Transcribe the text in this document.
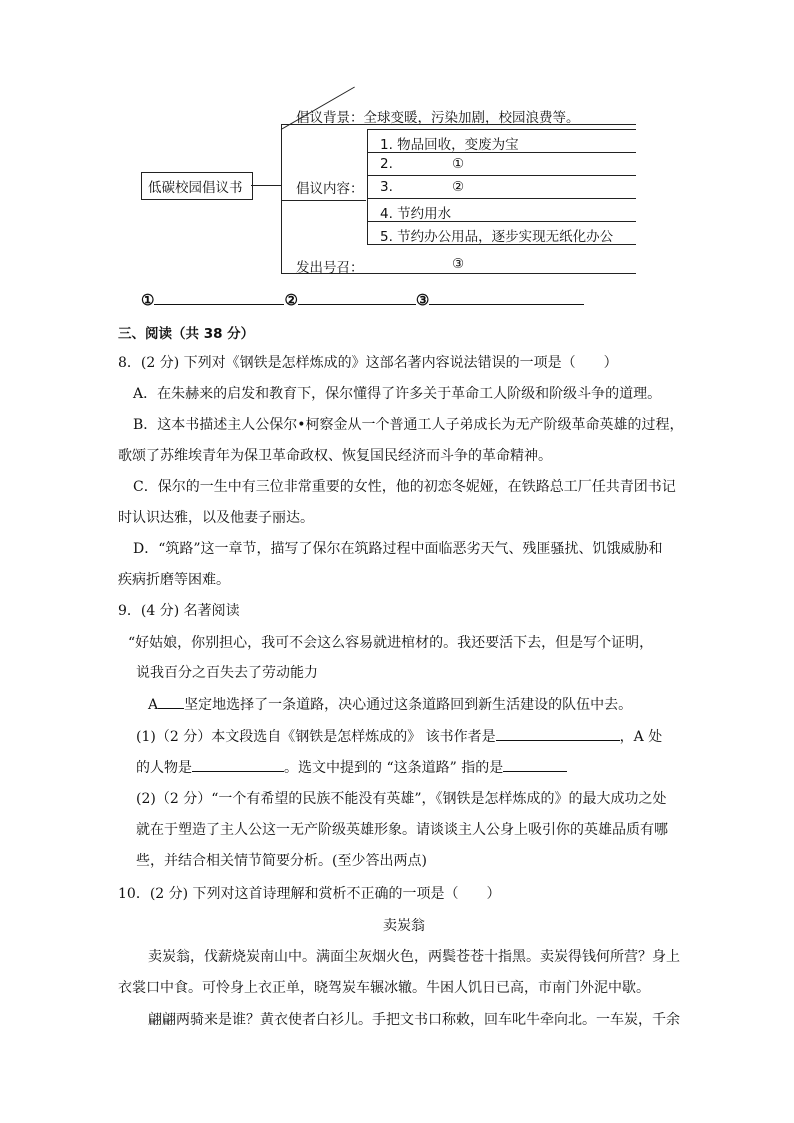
低碳校园倡议书
倡议背景：全球变暖，污染加剧，校园浪费等。
倡议内容：
1. 物品回收，变废为宝
2.	①
3.	②
4. 节约用水
5. 节约办公用品，逐步实现无纸化办公
发出号召：	③
①	②	③
三、阅读（共 38 分）
8．(2 分) 下列对《钢铁是怎样炼成的》这部名著内容说法错误的一项是（　　）
A．在朱赫来的启发和教育下，保尔懂得了许多关于革命工人阶级和阶级斗争的道理。
B．这本书描述主人公保尔•柯察金从一个普通工人子弟成长为无产阶级革命英雄的过程，
歌颂了苏维埃青年为保卫革命政权、恢复国民经济而斗争的革命精神。
C．保尔的一生中有三位非常重要的女性，他的初恋冬妮娅，在铁路总工厂任共青团书记
时认识达雅，以及他妻子丽达。
D．“筑路”这一章节，描写了保尔在筑路过程中面临恶劣天气、残匪骚扰、饥饿威胁和
疾病折磨等困难。
9．(4 分) 名著阅读
“好姑娘，你别担心，我可不会这么容易就进棺材的。我还要活下去，但是写个证明，
说我百分之百失去了劳动能力
A 坚定地选择了一条道路，决心通过这条道路回到新生活建设的队伍中去。
(1)（2 分）本文段选自《钢铁是怎样炼成的》 该书作者是	，A 处
的人物是	。选文中提到的 “这条道路” 指的是
(2)（2 分）“一个有希望的民族不能没有英雄”，《钢铁是怎样炼成的》的最大成功之处
就在于塑造了主人公这一无产阶级英雄形象。请谈谈主人公身上吸引你的英雄品质有哪
些，并结合相关情节简要分析。(至少答出两点)
10．(2 分) 下列对这首诗理解和赏析不正确的一项是（　　）
卖炭翁
卖炭翁，伐薪烧炭南山中。满面尘灰烟火色，两鬓苍苍十指黑。卖炭得钱何所营？身上
衣裳口中食。可怜身上衣正单，晓驾炭车辗冰辙。牛困人饥日已高，市南门外泥中歇。
翩翩两骑来是谁？黄衣使者白衫儿。手把文书口称敕，回车叱牛牵向北。一车炭，千余
